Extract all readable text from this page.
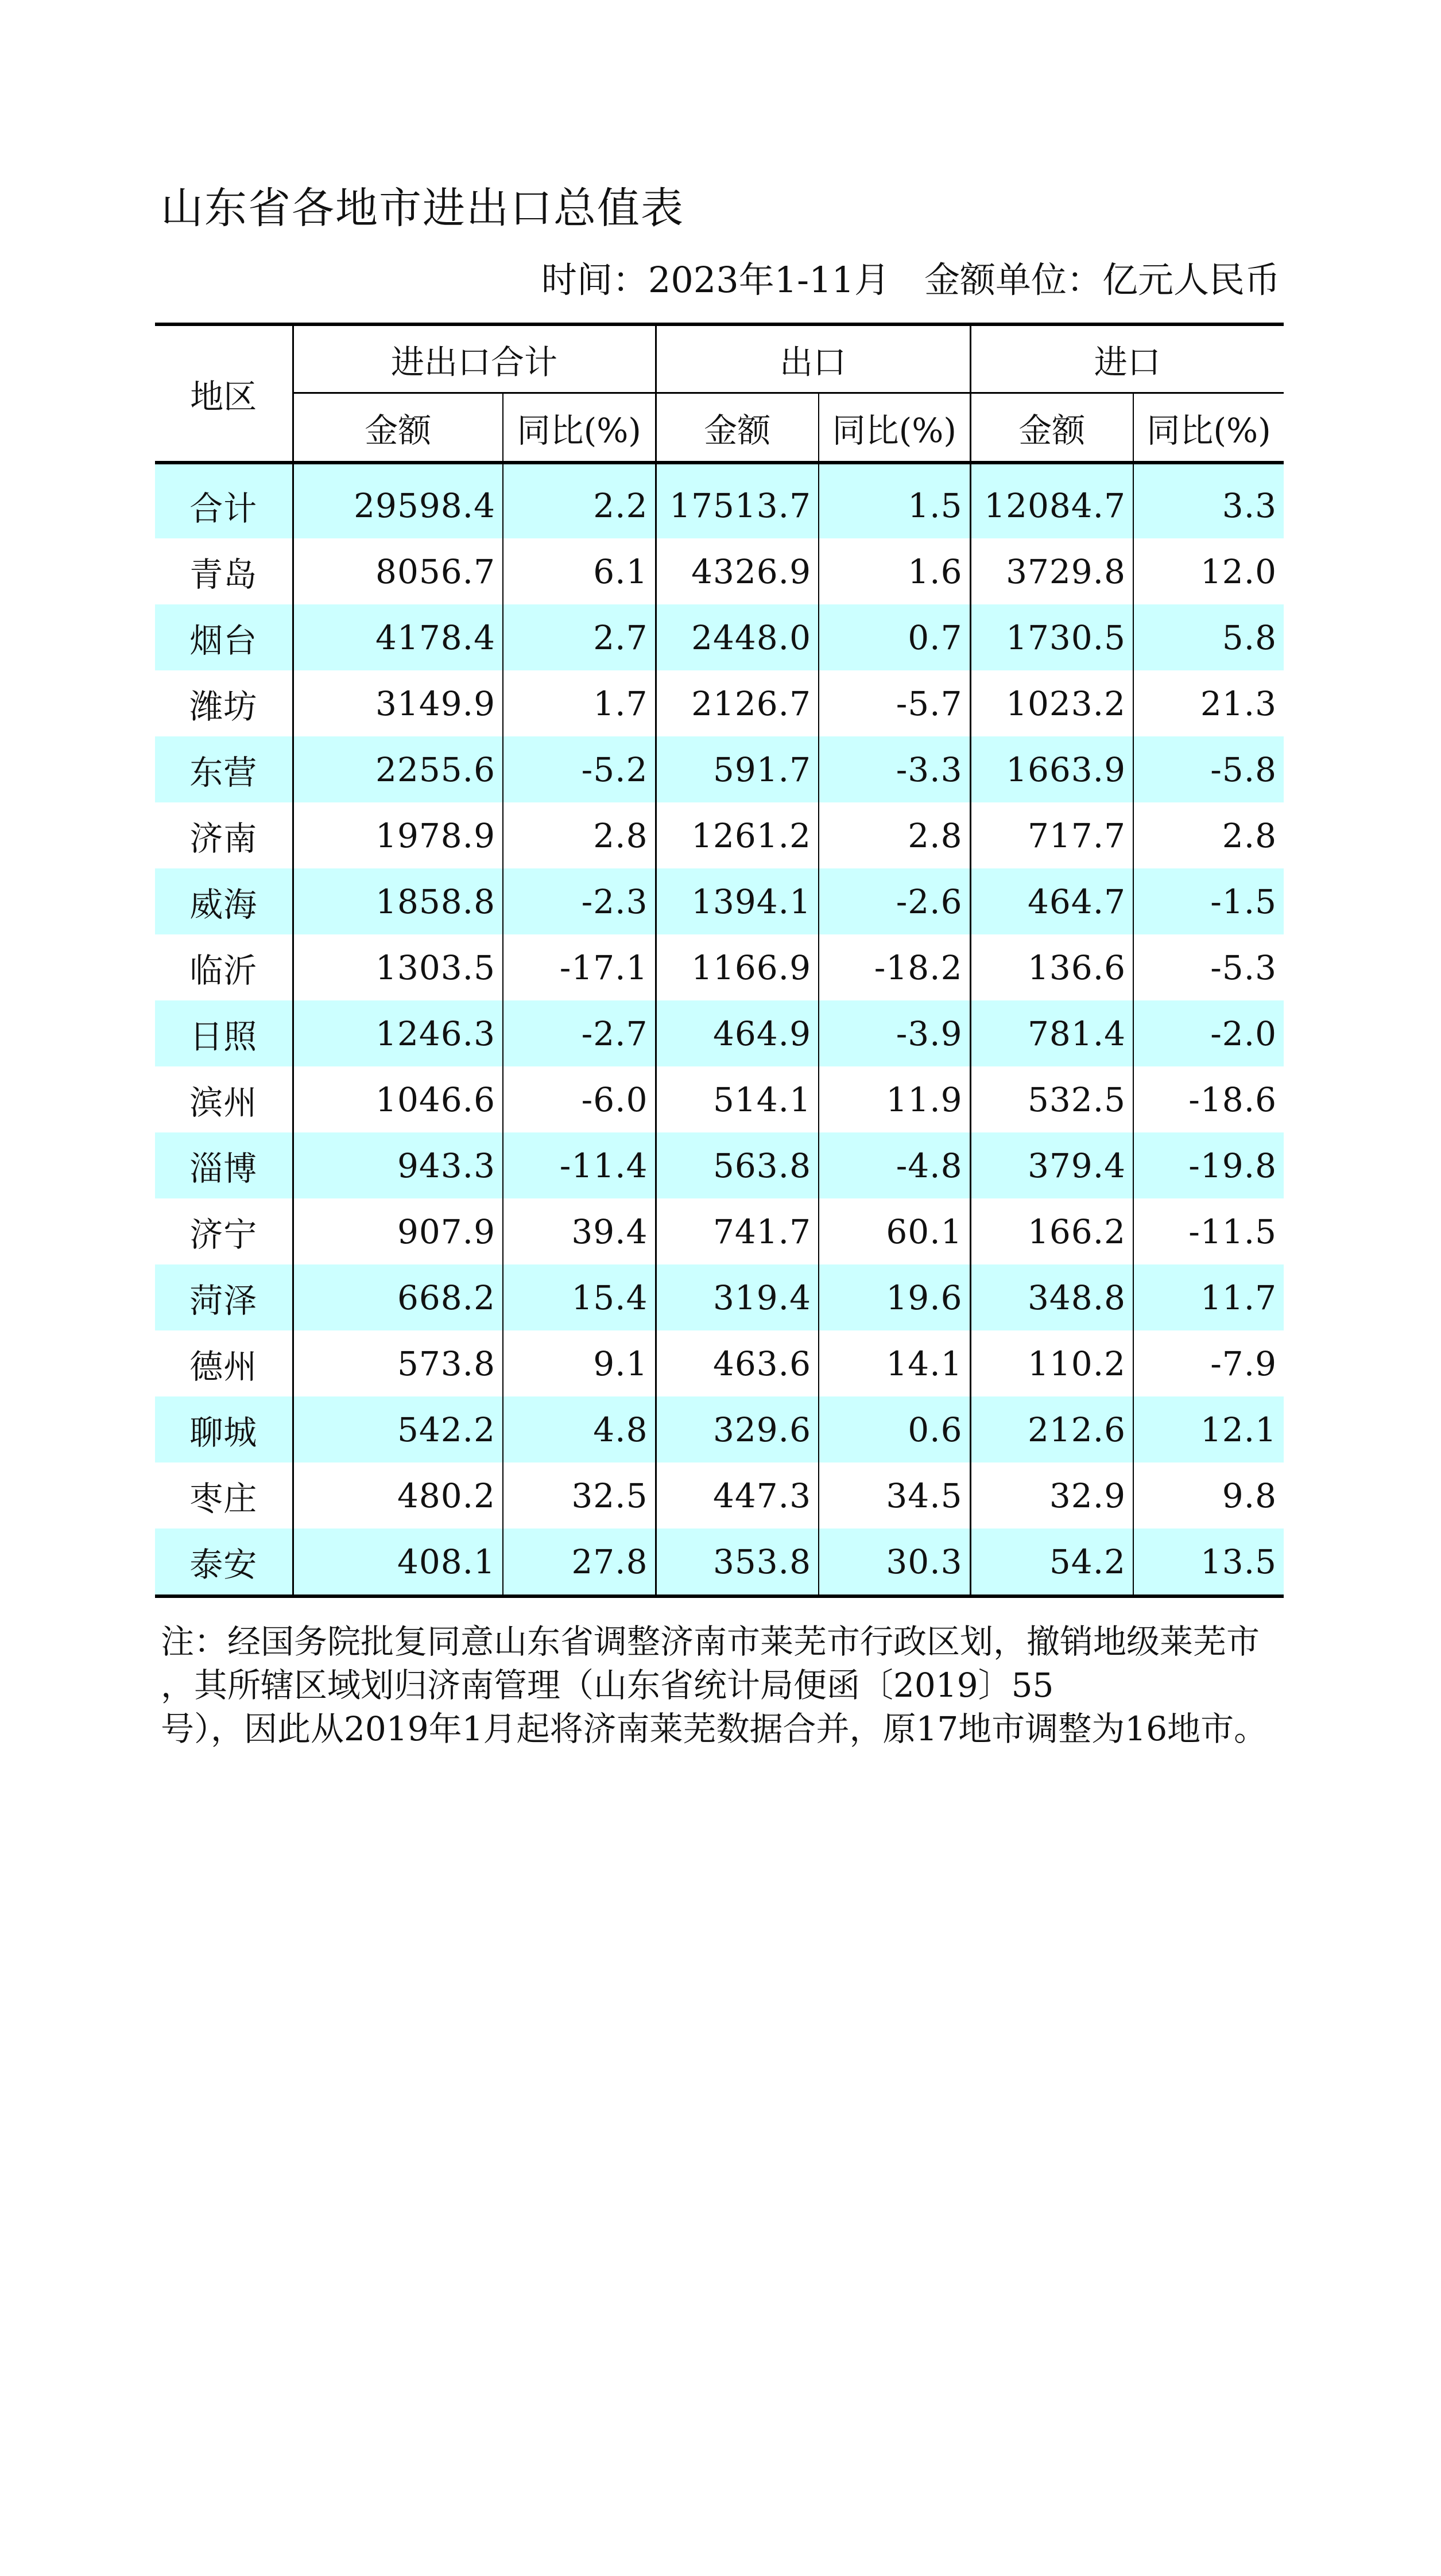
山东省各地市进出口总值表
时间：2023年1-11月 金额单位：亿元人民币
地区	进出口合计		出口		进口	
	金额	同比(%)	金额	同比(%)	金额	同比(%)
合计	29598.4	2.2	17513.7	1.5	12084.7	3.3
青岛	8056.7	6.1	4326.9	1.6	3729.8	12.0
烟台	4178.4	2.7	2448.0	0.7	1730.5	5.8
潍坊	3149.9	1.7	2126.7	-5.7	1023.2	21.3
东营	2255.6	-5.2	591.7	-3.3	1663.9	-5.8
济南	1978.9	2.8	1261.2	2.8	717.7	2.8
威海	1858.8	-2.3	1394.1	-2.6	464.7	-1.5
临沂	1303.5	-17.1	1166.9	-18.2	136.6	-5.3
日照	1246.3	-2.7	464.9	-3.9	781.4	-2.0
滨州	1046.6	-6.0	514.1	11.9	532.5	-18.6
淄博	943.3	-11.4	563.8	-4.8	379.4	-19.8
济宁	907.9	39.4	741.7	60.1	166.2	-11.5
菏泽	668.2	15.4	319.4	19.6	348.8	11.7
德州	573.8	9.1	463.6	14.1	110.2	-7.9
聊城	542.2	4.8	329.6	0.6	212.6	12.1
枣庄	480.2	32.5	447.3	34.5	32.9	9.8
泰安	408.1	27.8	353.8	30.3	54.2	13.5
注：经国务院批复同意山东省调整济南市莱芜市行政区划，撤销地级莱芜市
，其所辖区域划归济南管理（山东省统计局便函〔2019〕55
号），因此从2019年1月起将济南莱芜数据合并，原17地市调整为16地市。
